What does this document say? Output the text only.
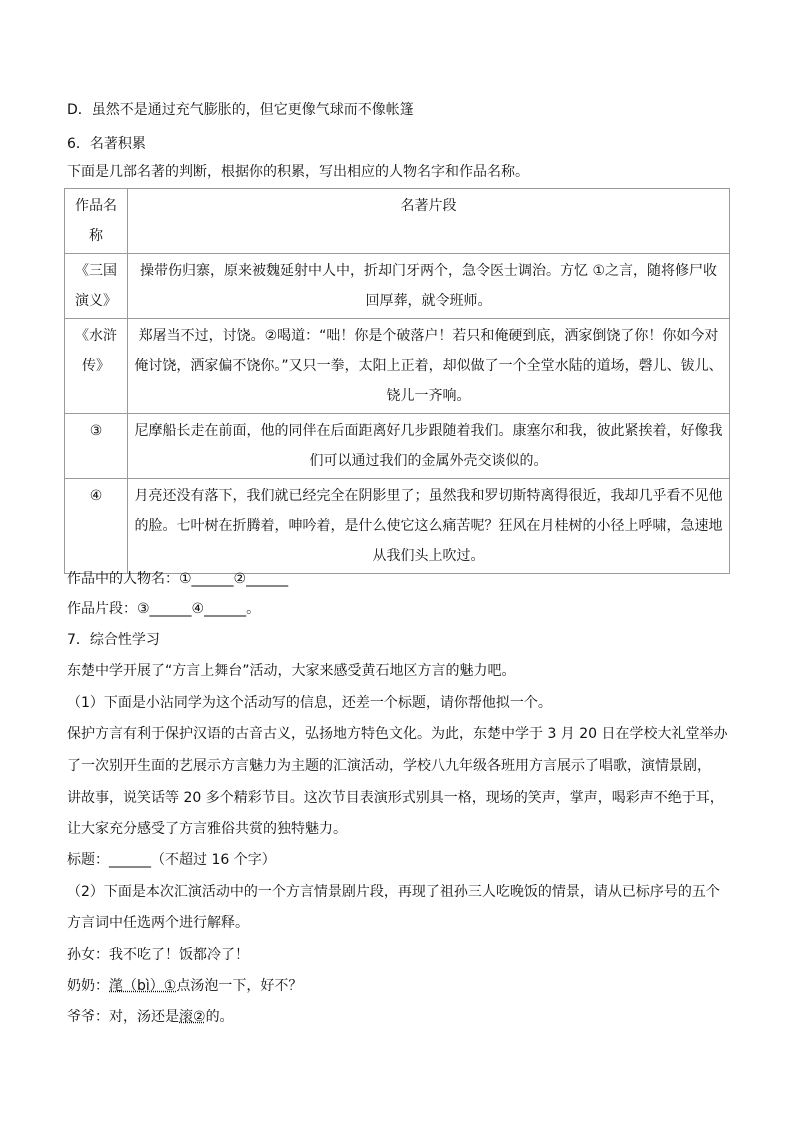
D．虽然不是通过充气膨胀的，但它更像气球而不像帐篷
6．名著积累
下面是几部名著的判断，根据你的积累，写出相应的人物名字和作品名称。
作品名称	名著片段
《三国演义》	操带伤归寨，原来被魏延射中人中，折却门牙两个，急令医士调治。方忆 ①之言，随将修尸收回厚葬，就令班师。
《水浒传》	郑屠当不过，讨饶。②喝道：“咄！你是个破落户！若只和俺硬到底，洒家倒饶了你！你如今对俺讨饶，洒家偏不饶你。”又只一拳，太阳上正着，却似做了一个全堂水陆的道场，磬儿、钹儿、铙儿一齐响。
③	尼摩船长走在前面，他的同伴在后面距离好几步跟随着我们。康塞尔和我，彼此紧挨着，好像我们可以通过我们的金属外壳交谈似的。
④	月亮还没有落下，我们就已经完全在阴影里了；虽然我和罗切斯特离得很近，我却几乎看不见他的脸。七叶树在折腾着，呻吟着，是什么使它这么痛苦呢？狂风在月桂树的小径上呼啸，急速地从我们头上吹过。
作品中的人物名：①______②______
作品片段：③______④______。
7．综合性学习
东楚中学开展了“方言上舞台”活动，大家来感受黄石地区方言的魅力吧。
（1）下面是小沾同学为这个活动写的信息，还差一个标题，请你帮他拟一个。
保护方言有利于保护汉语的古音古义，弘扬地方特色文化。为此，东楚中学于 3 月 20 日在学校大礼堂举办
了一次别开生面的艺展示方言魅力为主题的汇演活动，学校八九年级各班用方言展示了唱歌，演情景剧，
讲故事，说笑话等 20 多个精彩节目。这次节目表演形式别具一格，现场的笑声，掌声，喝彩声不绝于耳，
让大家充分感受了方言雅俗共赏的独特魅力。
标题：______（不超过 16 个字）
（2）下面是本次汇演活动中的一个方言情景剧片段，再现了祖孙三人吃晚饭的情景，请从已标序号的五个
方言词中任选两个进行解释。
孙女：我不吃了！饭都冷了！
奶奶：滗（bì）①点汤泡一下，好不？
爷爷：对，汤还是滚②的。
